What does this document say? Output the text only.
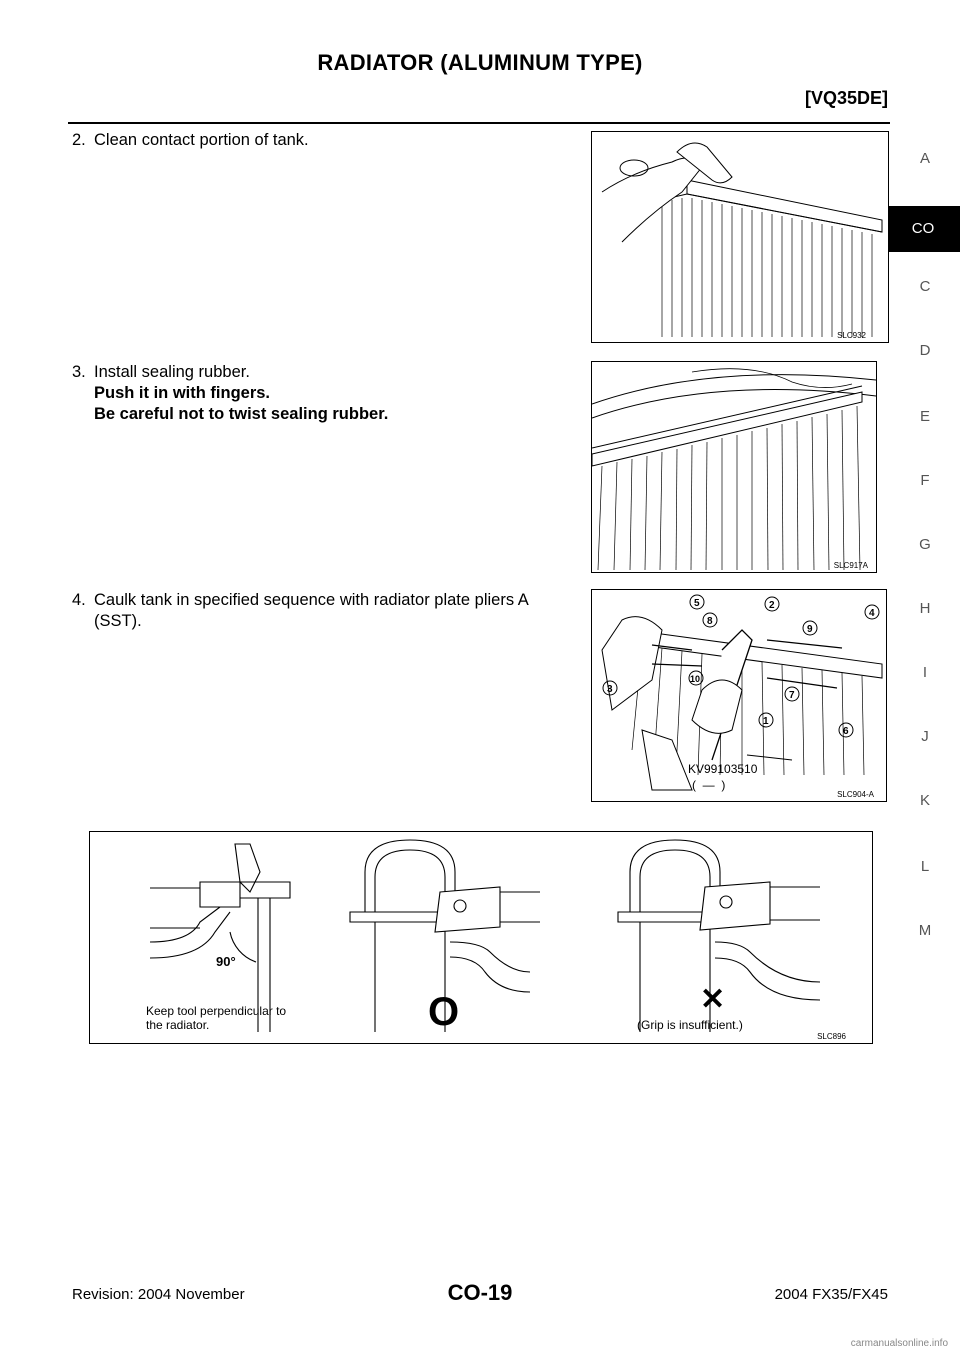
RADIATOR (ALUMINUM TYPE)
[VQ35DE]
A
CO
C
D
E
F
G
H
I
J
K
L
M
2. Clean contact portion of tank.
SLC932
3. Install sealing rubber.
Push it in with fingers.
Be careful not to twist sealing rubber.
SLC917A
4. Caulk tank in specified sequence with radiator plate pliers A
(SST).
5	2
8
9
4
3
10
7
1
6
KV99103510
(  —  )
SLC904-A
90°
Keep tool perpendicular to
the radiator.	O	✕
(Grip is insufficient.)
SLC896
Revision: 2004 November	CO-19	2004 FX35/FX45
carmanualsonline.info
